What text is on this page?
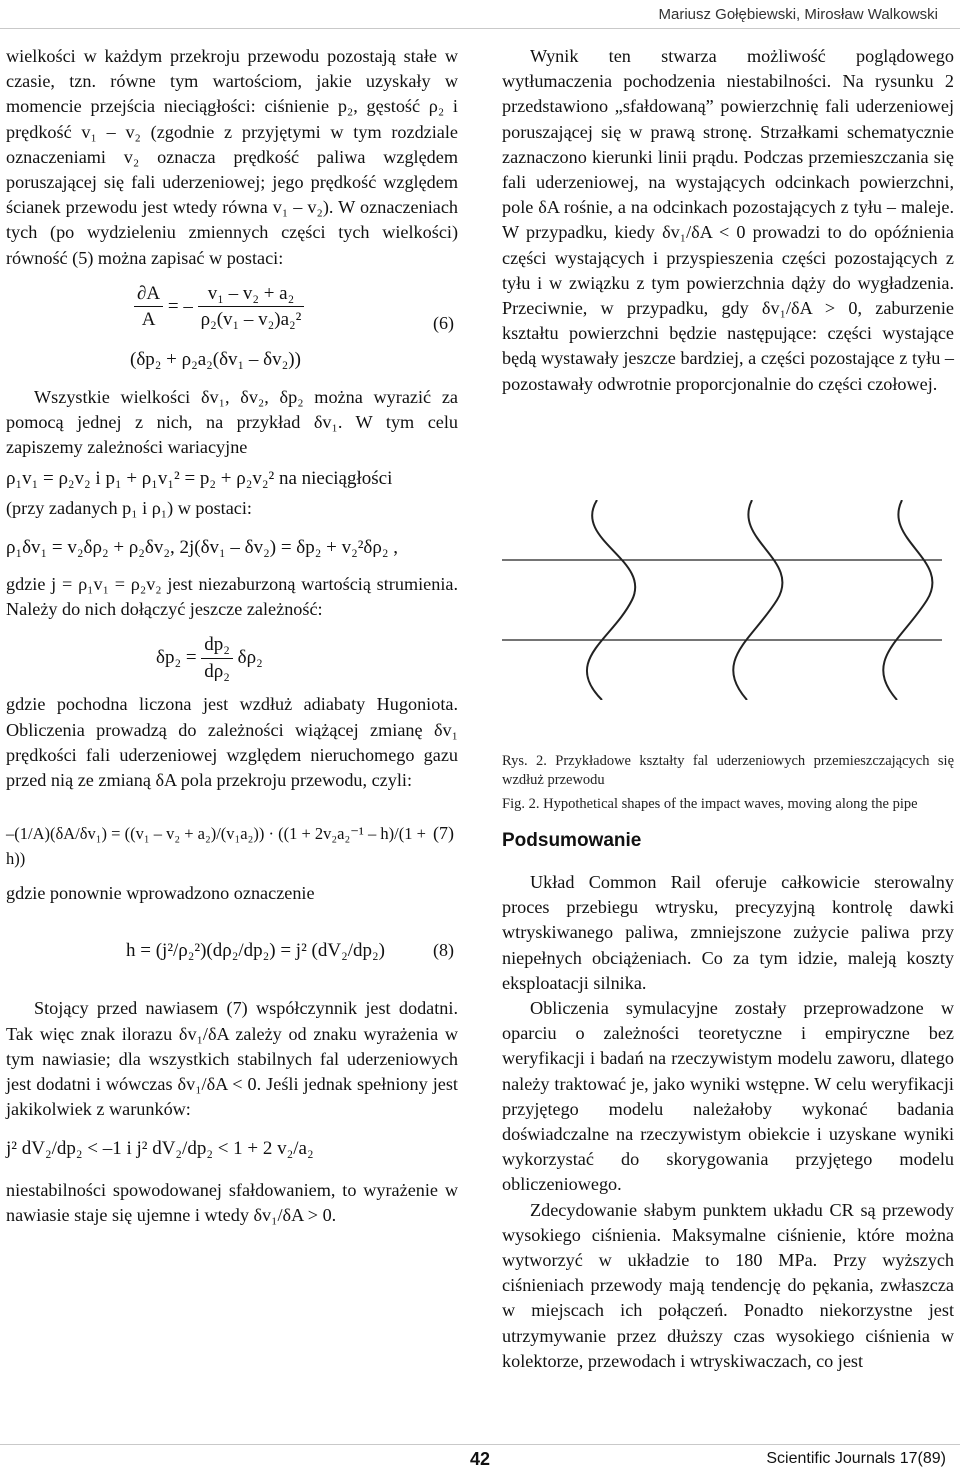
Mariusz Gołębiewski, Mirosław Walkowski

wielkości w każdym przekroju przewodu pozostają stałe w czasie, tzn. równe tym wartościom, jakie uzyskały w momencie przejścia nieciągłości: ciśnienie p₂, gęstość ρ₂ i prędkość v₁ – v₂ (zgodnie z przyjętymi w tym rozdziale oznaczeniami v₂ oznacza prędkość paliwa względem poruszającej się fali uderzeniowej; jego prędkość względem ścianek przewodu jest wtedy równa v₁ – v₂). W oznaczeniach tych (po wydzieleniu zmiennych części tych wielkości) równość (5) można zapisać w postaci:

$\frac{\partial A}{A}$ = – $\frac{\text{v₁ – v₂ + a₂}}{\text{ρ₂(v₁ – v₂)a₂²}}$
(δp₂ + ρ₂a₂(δv₁ – δv₂))
(6)

Wszystkie wielkości δv₁, δv₂, δp₂ można wyrazić za pomocą jednej z nich, na przykład δv₁. W tym celu zapiszemy zależności wariacyjne

ρ₁v₁ = ρ₂v₂ i p₁ + ρ₁v₁² = p₂ + ρ₂v₂² na nieciągłości

(przy zadanych p₁ i ρ₁) w postaci:

ρ₁δv₁ = v₂δρ₂ + ρ₂δv₂, 2j(δv₁ – δv₂) = δp₂ + v₂²δρ₂ ,

gdzie j = ρ₁v₁ = ρ₂v₂ jest niezaburzoną wartością strumienia. Należy do nich dołączyć jeszcze zależność:

$\delta p_2 = \frac{\text{dp₂}}{\text{dρ₂}} \delta\rho_2$

gdzie pochodna liczona jest wzdłuż adiabaty Hugoniota. Obliczenia prowadzą do zależności wiążącej zmianę δv₁ prędkości fali uderzeniowej względem nieruchomego gazu przed nią ze zmianą δA pola przekroju przewodu, czyli:

–(1/A)(δA/δv₁) = ((v₁ – v₂ + a₂)/(v₁a₂)) · ((1 + 2v₂a₂⁻¹ – h)/(1 + h))
(7)

gdzie ponownie wprowadzono oznaczenie

h = (j²/ρ₂²)(dρ₂/dp₂) = j² (dV₂/dp₂)	(8)

Stojący przed nawiasem (7) współczynnik jest dodatni. Tak więc znak ilorazu δv₁/δA zależy od znaku wyrażenia w tym nawiasie; dla wszystkich stabilnych fal uderzeniowych jest dodatni i wówczas δv₁/δA < 0. Jeśli jednak spełniony jest jakikolwiek z warunków:

j² dV₂/dp₂ < –1 i j² dV₂/dp₂ < 1 + 2 v₂/a₂

niestabilności spowodowanej sfałdowaniem, to wyrażenie w nawiasie staje się ujemne i wtedy δv₁/δA > 0.

Wynik ten stwarza możliwość poglądowego wytłumaczenia pochodzenia niestabilności. Na rysunku 2 przedstawiono „sfałdowaną” powierzchnię fali uderzeniowej poruszającej się w prawą stronę. Strzałkami schematycznie zaznaczono kierunki linii prądu. Podczas przemieszczania się fali uderzeniowej, na wystających odcinkach powierzchni, pole δA rośnie, a na odcinkach pozostających z tyłu – maleje. W przypadku, kiedy δv₁/δA < 0 prowadzi to do opóźnienia części wystających i przyspieszenia części pozostających z tyłu i w związku z tym powierzchnia dąży do wygładzenia. Przeciwnie, w przypadku, gdy δv₁/δA > 0, zaburzenie kształtu powierzchni będzie następujące: części wystające będą wystawały jeszcze bardziej, a części pozostające z tyłu – pozostawały odwrotnie proporcjonalnie do części czołowej.

Rys. 2. Przykładowe kształty fal uderzeniowych przemieszczających się wzdłuż przewodu
Fig. 2. Hypothetical shapes of the impact waves, moving along the pipe
Podsumowanie

Układ Common Rail oferuje całkowicie sterowalny proces przebiegu wtrysku, precyzyjną kontrolę dawki wtryskiwanego paliwa, zmniejszone zużycie paliwa przy niepełnych obciążeniach. Co za tym idzie, maleją koszty eksploatacji silnika.

Obliczenia symulacyjne zostały przeprowadzone w oparciu o zależności teoretyczne i empiryczne bez weryfikacji i badań na rzeczywistym modelu zaworu, dlatego należy traktować je, jako wyniki wstępne. W celu weryfikacji przyjętego modelu należałoby wykonać badania doświadczalne na rzeczywistym obiekcie i uzyskane wyniki wykorzystać do skorygowania przyjętego modelu obliczeniowego.

Zdecydowanie słabym punktem układu CR są przewody wysokiego ciśnienia. Maksymalne ciśnienie, które można wytworzyć w układzie to 180 MPa. Przy wyższych ciśnieniach przewody mają tendencję do pękania, zwłaszcza w miejscach ich połączeń. Ponadto niekorzystne jest utrzymywanie przez dłuższy czas wysokiego ciśnienia w kolektorze, przewodach i wtryskiwaczach, co jest

42	Scientific Journals 17(89)
